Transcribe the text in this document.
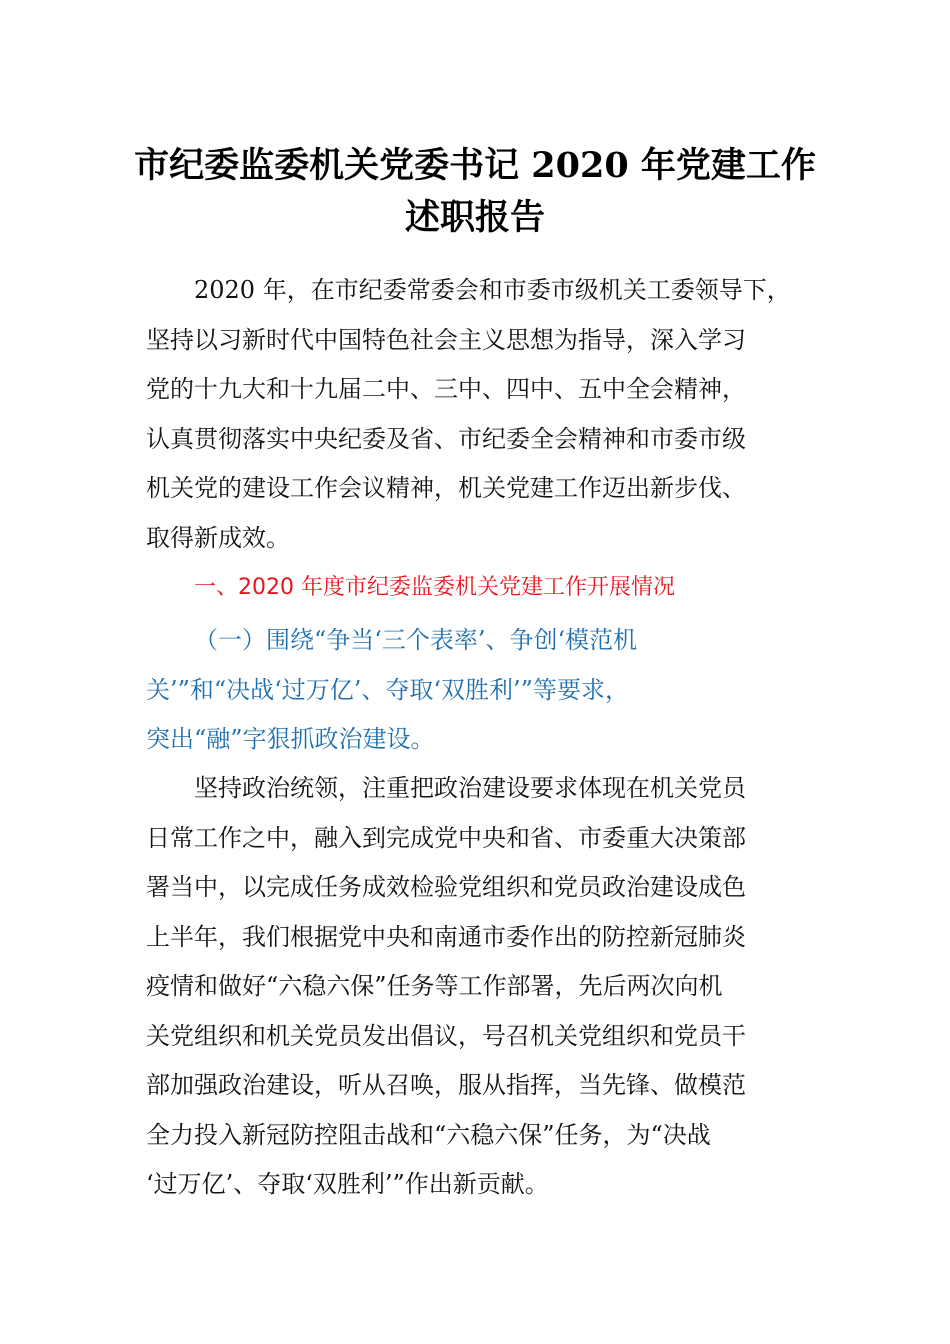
市纪委监委机关党委书记 2020 年党建工作
述职报告
2020 年，在市纪委常委会和市委市级机关工委领导下，
坚持以习新时代中国特色社会主义思想为指导，深入学习
党的十九大和十九届二中、三中、四中、五中全会精神，
认真贯彻落实中央纪委及省、市纪委全会精神和市委市级
机关党的建设工作会议精神，机关党建工作迈出新步伐、
取得新成效。
一、2020 年度市纪委监委机关党建工作开展情况
（一）围绕“争当‘三个表率’、争创‘模范机
关’”和“决战‘过万亿’、夺取‘双胜利’”等要求，
突出“融”字狠抓政治建设。
坚持政治统领，注重把政治建设要求体现在机关党员
日常工作之中，融入到完成党中央和省、市委重大决策部
署当中，以完成任务成效检验党组织和党员政治建设成色
上半年，我们根据党中央和南通市委作出的防控新冠肺炎
疫情和做好“六稳六保”任务等工作部署，先后两次向机
关党组织和机关党员发出倡议，号召机关党组织和党员干
部加强政治建设，听从召唤，服从指挥，当先锋、做模范
全力投入新冠防控阻击战和“六稳六保”任务，为“决战
‘过万亿’、夺取‘双胜利’”作出新贡献。
